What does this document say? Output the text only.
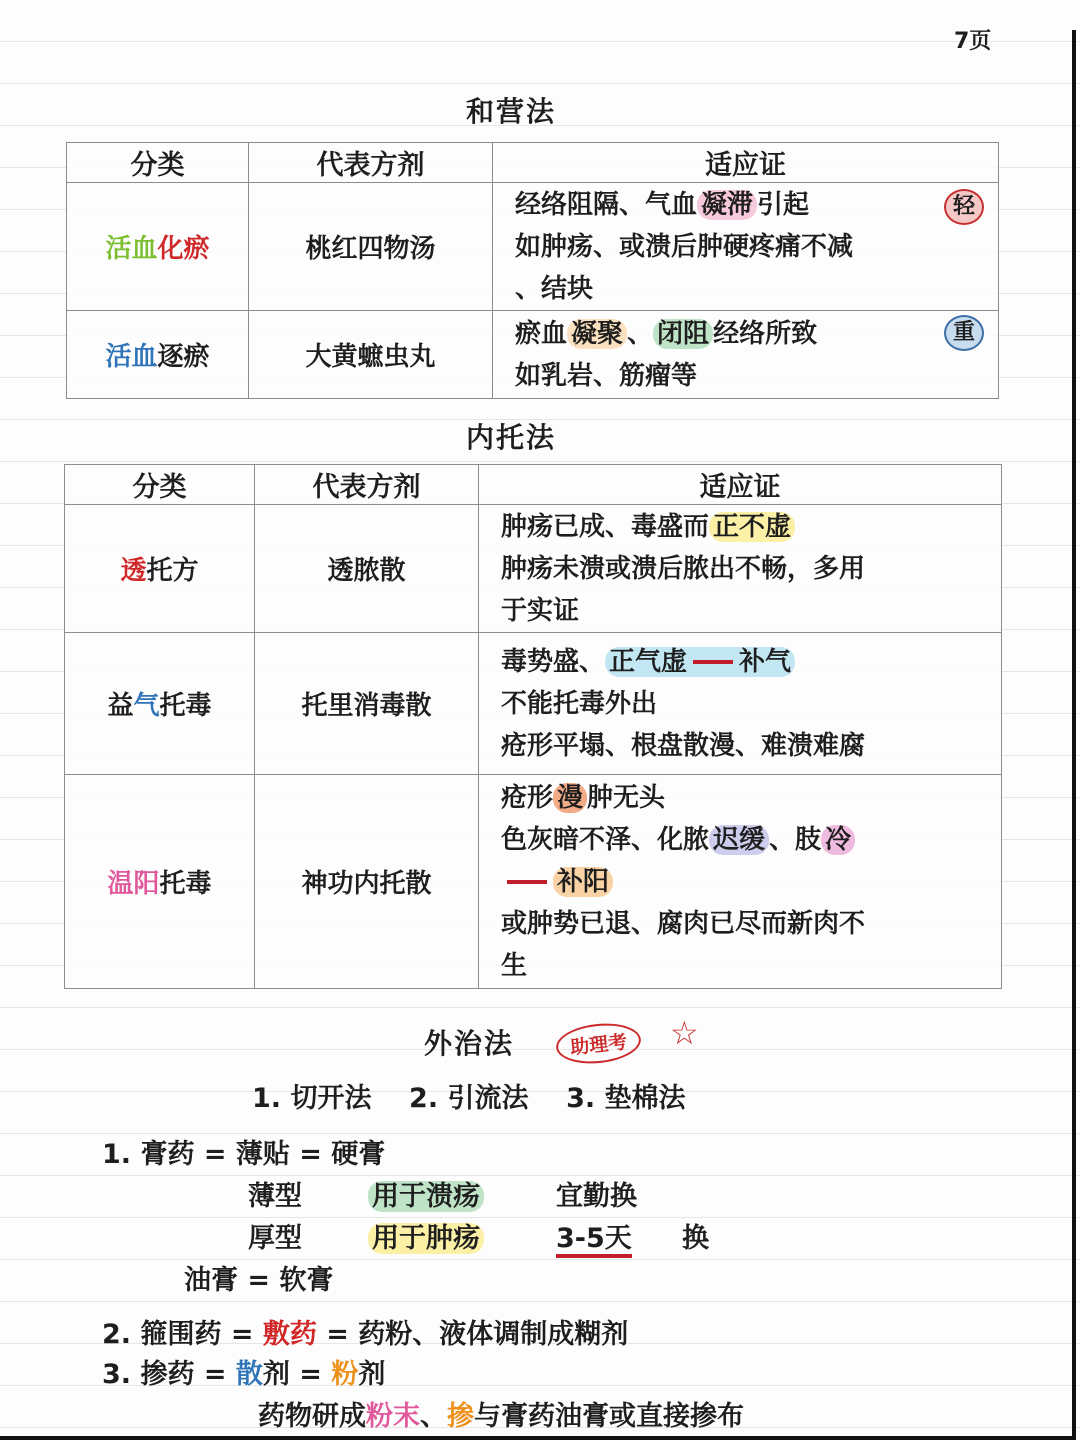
7页
和营法
分类	代表方剂	适应证
活血化瘀	桃红四物汤	经络阻隔、气血 凝滞 引起
如肿疡、或溃后肿硬疼痛不减
、结块
轻

活血逐瘀	大黄蟅虫丸	瘀血 凝聚 、 闭阻 经络所致
如乳岩、筋瘤等
重
内托法
分类	代表方剂	适应证
透托方	透脓散	肿疡已成、毒盛而 正不虚
肿疡未溃或溃后脓出不畅，多用
于实证

益气托毒	托里消毒散	毒势盛、 正气虚 补气
不能托毒外出
疮形平塌、根盘散漫、难溃难腐

温阳托毒	神功内托散	疮形 漫 肿无头
色灰暗不泽、化脓 迟缓 、肢 冷
补阳
或肿势已退、腐肉已尽而新肉不
生
外治法	助理考	☆
1. 切开法    2. 引流法    3. 垫棉法
1. 膏药 = 薄贴 = 硬膏
薄型	用于溃疡	宜勤换
厚型	用于肿疡	3-5天 换
油膏 = 软膏
2. 箍围药 = 敷药 = 药粉、液体调制成糊剂
3. 掺药 = 散剂 = 粉剂
药物研成粉末、掺与膏药油膏或直接掺布
